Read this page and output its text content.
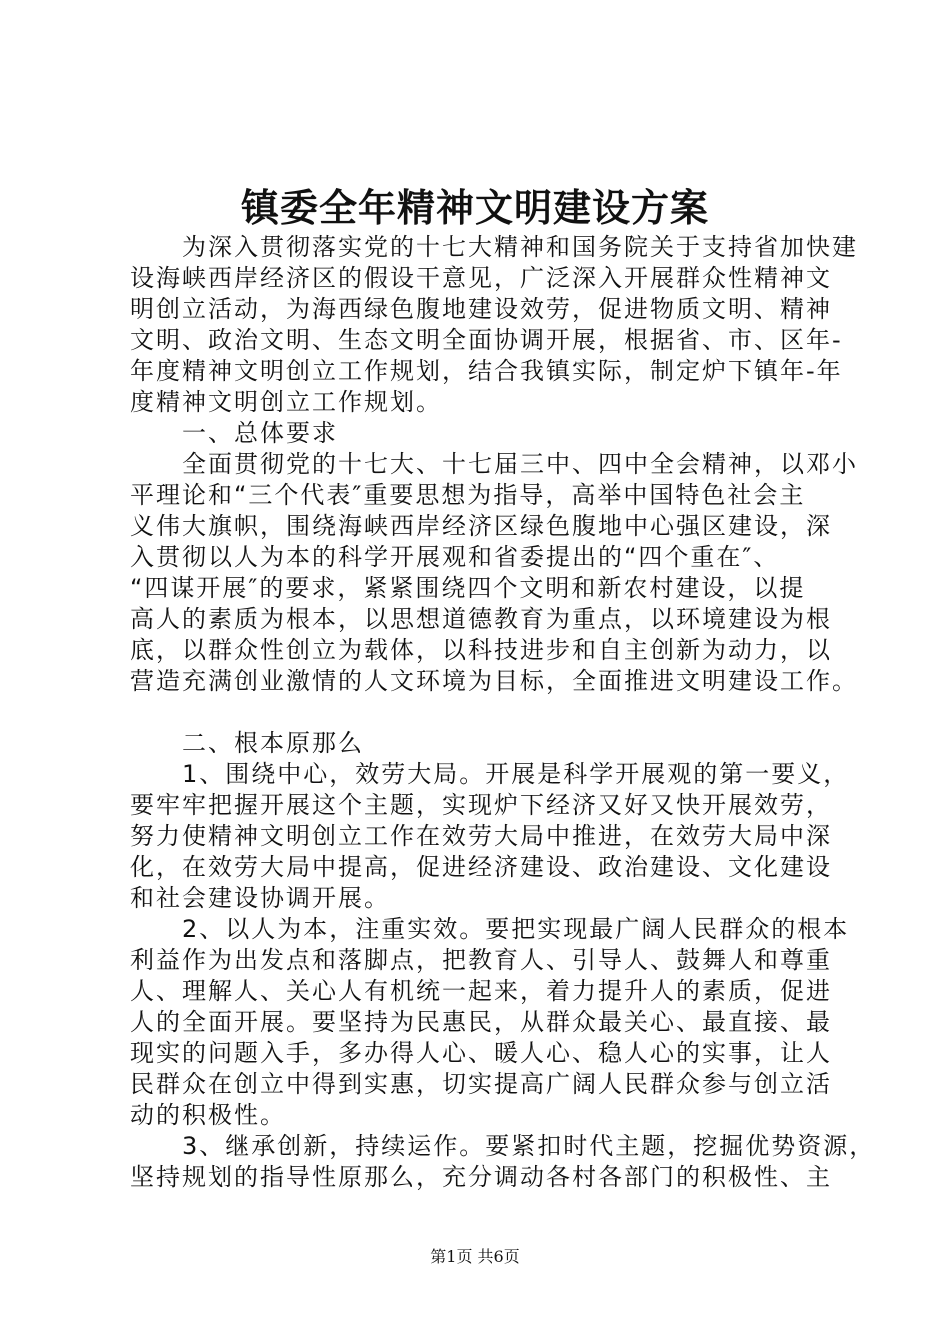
镇委全年精神文明建设方案
　　为深入贯彻落实党的十七大精神和国务院关于支持省加快建
设海峡西岸经济区的假设干意见，广泛深入开展群众性精神文
明创立活动，为海西绿色腹地建设效劳，促进物质文明、精神
文明、政治文明、生态文明全面协调开展，根据省、市、区年-
年度精神文明创立工作规划，结合我镇实际，制定炉下镇年-年
度精神文明创立工作规划。
　　一、总体要求
　　全面贯彻党的十七大、十七届三中、四中全会精神，以邓小
平理论和“三个代表″重要思想为指导，高举中国特色社会主
义伟大旗帜，围绕海峡西岸经济区绿色腹地中心强区建设，深
入贯彻以人为本的科学开展观和省委提出的“四个重在″、
“四谋开展″的要求，紧紧围绕四个文明和新农村建设，以提
高人的素质为根本，以思想道德教育为重点，以环境建设为根
底，以群众性创立为载体，以科技进步和自主创新为动力，以
营造充满创业激情的人文环境为目标，全面推进文明建设工作。
　　二、根本原那么
　　1、围绕中心，效劳大局。开展是科学开展观的第一要义，
要牢牢把握开展这个主题，实现炉下经济又好又快开展效劳，
努力使精神文明创立工作在效劳大局中推进，在效劳大局中深
化，在效劳大局中提高，促进经济建设、政治建设、文化建设
和社会建设协调开展。
　　2、以人为本，注重实效。要把实现最广阔人民群众的根本
利益作为出发点和落脚点，把教育人、引导人、鼓舞人和尊重
人、理解人、关心人有机统一起来，着力提升人的素质，促进
人的全面开展。要坚持为民惠民，从群众最关心、最直接、最
现实的问题入手，多办得人心、暖人心、稳人心的实事，让人
民群众在创立中得到实惠，切实提高广阔人民群众参与创立活
动的积极性。
　　3、继承创新，持续运作。要紧扣时代主题，挖掘优势资源，
坚持规划的指导性原那么，充分调动各村各部门的积极性、主
第1页 共6页
